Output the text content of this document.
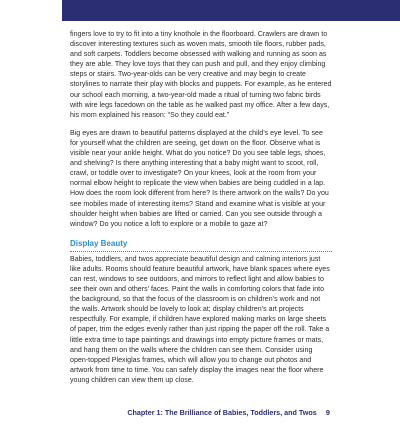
fingers love to try to fit into a tiny knothole in the floorboard. Crawlers are drawn to discover interesting textures such as woven mats, smooth tile floors, rubber pads, and soft carpets. Toddlers become obsessed with walking and running as soon as they are able. They love toys that they can push and pull, and they enjoy climbing steps or stairs. Two-year-olds can be very creative and may begin to create storylines to narrate their play with blocks and puppets. For example, as he entered our school each morning, a two-year-old made a ritual of turning two fabric birds with wire legs facedown on the table as he walked past my office. After a few days, his mom explained his reason: “So they could eat.”

Big eyes are drawn to beautiful patterns displayed at the child’s eye level. To see for yourself what the children are seeing, get down on the floor. Observe what is visible near your ankle height. What do you notice? Do you see table legs, shoes, and shelving? Is there anything interesting that a baby might want to scoot, roll, crawl, or toddle over to investigate? On your knees, look at the room from your normal elbow height to replicate the view when babies are being cuddled in a lap. How does the room look different from here? Is there artwork on the walls? Do you see mobiles made of interesting items? Stand and examine what is visible at your shoulder height when babies are lifted or carried. Can you see outside through a window? Do you notice a loft to explore or a mobile to gaze at?

Display Beauty

Babies, toddlers, and twos appreciate beautiful design and calming interiors just like adults. Rooms should feature beautiful artwork, have blank spaces where eyes can rest, windows to see outdoors, and mirrors to reflect light and allow babies to see their own and others’ faces. Paint the walls in comforting colors that fade into the background, so that the focus of the classroom is on children’s work and not the walls. Artwork should be lovely to look at; display children’s art projects respectfully. For example, if children have explored making marks on large sheets of paper, trim the edges evenly rather than just ripping the paper off the roll. Take a little extra time to tape paintings and drawings into empty picture frames or mats, and hang them on the walls where the children can see them. Consider using open-topped Plexiglas frames, which will allow you to change out photos and artwork from time to time. You can safely display the images near the floor where young children can view them up close.

Chapter 1: The Brilliance of Babies, Toddlers, and Twos 9
